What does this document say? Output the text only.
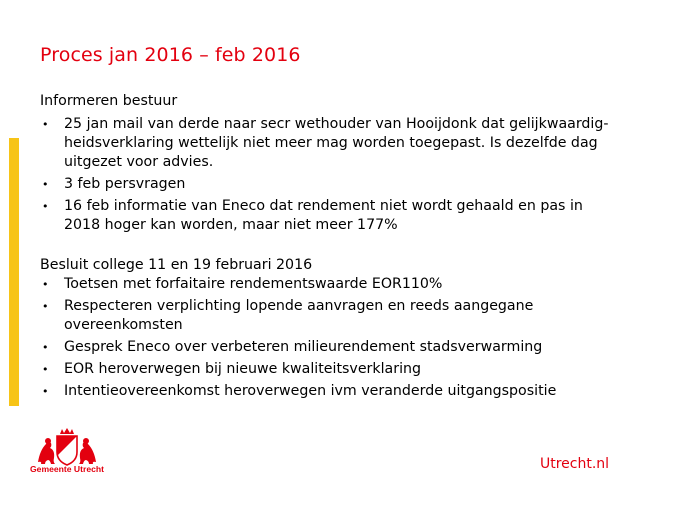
Proces jan 2016 – feb 2016

Informeren bestuur

• 25 jan mail van derde naar secr wethouder van Hooijdonk dat gelijkwaardig-
heidsverklaring wettelijk niet meer mag worden toegepast. Is dezelfde dag
uitgezet voor advies.
• 3 feb persvragen
• 16 feb informatie van Eneco dat rendement niet wordt gehaald en pas in
2018 hoger kan worden, maar niet meer 177%

Besluit college 11 en 19 februari 2016

• Toetsen met forfaitaire rendementswaarde EOR110%
• Respecteren verplichting lopende aanvragen en reeds aangegane
overeenkomsten
• Gesprek Eneco over verbeteren milieurendement stadsverwarming
• EOR heroverwegen bij nieuwe kwaliteitsverklaring
• Intentieovereenkomst heroverwegen ivm veranderde uitgangspositie
Gemeente Utrecht	Utrecht.nl
